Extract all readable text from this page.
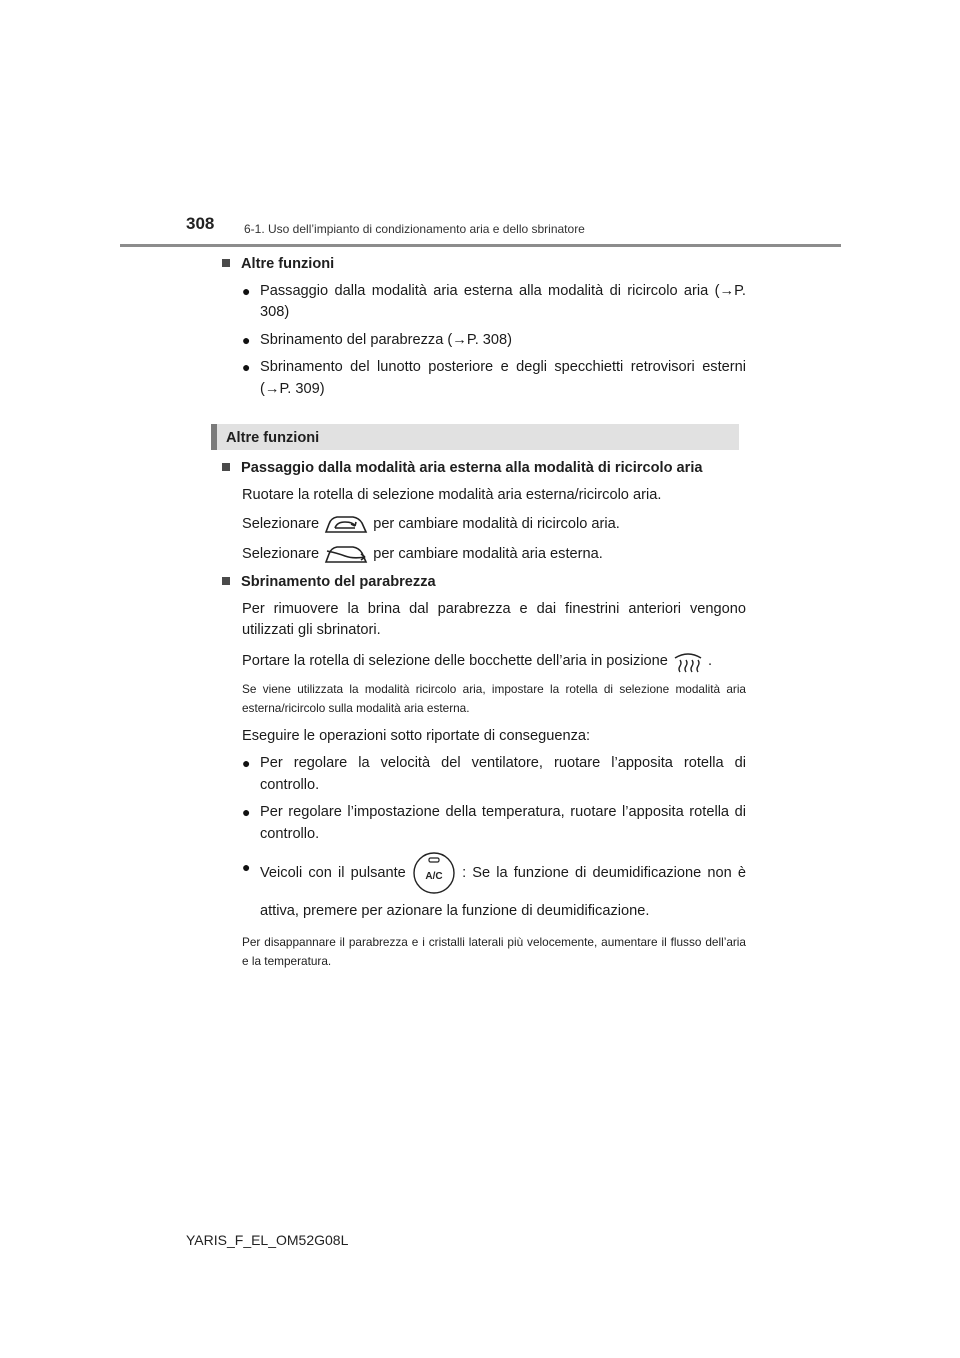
308 6-1. Uso dell’impianto di condizionamento aria e dello sbrinatore
Altre funzioni
● Passaggio dalla modalità aria esterna alla modalità di ricircolo aria (→P. 308)
● Sbrinamento del parabrezza (→P. 308)
● Sbrinamento del lunotto posteriore e degli specchietti retrovisori esterni (→P. 309)
Altre funzioni
Passaggio dalla modalità aria esterna alla modalità di ricircolo aria
Ruotare la rotella di selezione modalità aria esterna/ricircolo aria.
Selezionare	per cambiare modalità di ricircolo aria.
Selezionare	per cambiare modalità aria esterna.
Sbrinamento del parabrezza
Per rimuovere la brina dal parabrezza e dai finestrini anteriori vengono utilizzati gli sbrinatori.
Portare la rotella di selezione delle bocchette dell’aria in posizione	.
Se viene utilizzata la modalità ricircolo aria, impostare la rotella di selezione modalità aria esterna/ricircolo sulla modalità aria esterna.
Eseguire le operazioni sotto riportate di conseguenza:
● Per regolare la velocità del ventilatore, ruotare l’apposita rotella di controllo.
● Per regolare l’impostazione della temperatura, ruotare l’apposita rotella di controllo.
● Veicoli con il pulsante A/C : Se la funzione di deumidificazione non è attiva, premere per azionare la funzione di deumidificazione.
Per disappannare il parabrezza e i cristalli laterali più velocemente, aumentare il flusso dell’aria e la temperatura.
YARIS_F_EL_OM52G08L
